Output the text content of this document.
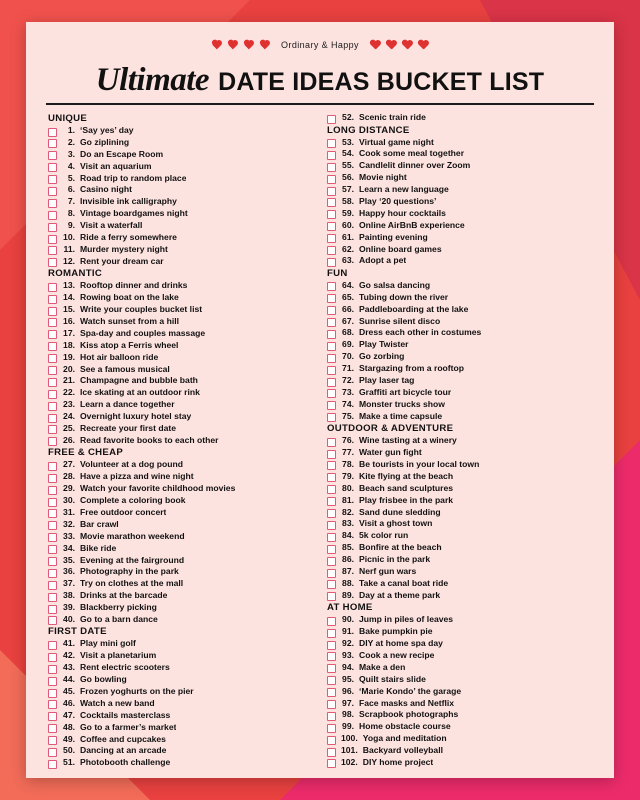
Ordinary & Happy
Ultimate DATE IDEAS BUCKET LIST
UNIQUE
1. ‘Say yes’ day
2. Go ziplining
3. Do an Escape Room
4. Visit an aquarium
5. Road trip to random place
6. Casino night
7. Invisible ink calligraphy
8. Vintage boardgames night
9. Visit a waterfall
10. Ride a ferry somewhere
11. Murder mystery night
12. Rent your dream car
ROMANTIC
13. Rooftop dinner and drinks
14. Rowing boat on the lake
15. Write your couples bucket list
16. Watch sunset from a hill
17. Spa-day and couples massage
18. Kiss atop a Ferris wheel
19. Hot air balloon ride
20. See a famous musical
21. Champagne and bubble bath
22. Ice skating at an outdoor rink
23. Learn a dance together
24. Overnight luxury hotel stay
25. Recreate your first date
26. Read favorite books to each other
FREE & CHEAP
27. Volunteer at a dog pound
28. Have a pizza and wine night
29. Watch your favorite childhood movies
30. Complete a coloring book
31. Free outdoor concert
32. Bar crawl
33. Movie marathon weekend
34. Bike ride
35. Evening at the fairground
36. Photography in the park
37. Try on clothes at the mall
38. Drinks at the barcade
39. Blackberry picking
40. Go to a barn dance
FIRST DATE
41. Play mini golf
42. Visit a planetarium
43. Rent electric scooters
44. Go bowling
45. Frozen yoghurts on the pier
46. Watch a new band
47. Cocktails masterclass
48. Go to a farmer’s market
49. Coffee and cupcakes
50. Dancing at an arcade
51. Photobooth challenge
52. Scenic train ride
LONG DISTANCE
53. Virtual game night
54. Cook some meal together
55. Candlelit dinner over Zoom
56. Movie night
57. Learn a new language
58. Play ‘20 questions’
59. Happy hour cocktails
60. Online AirBnB experience
61. Painting evening
62. Online board games
63. Adopt a pet
FUN
64. Go salsa dancing
65. Tubing down the river
66. Paddleboarding at the lake
67. Sunrise silent disco
68. Dress each other in costumes
69. Play Twister
70. Go zorbing
71. Stargazing from a rooftop
72. Play laser tag
73. Graffiti art bicycle tour
74. Monster trucks show
75. Make a time capsule
OUTDOOR & ADVENTURE
76. Wine tasting at a winery
77. Water gun fight
78. Be tourists in your local town
79. Kite flying at the beach
80. Beach sand sculptures
81. Play frisbee in the park
82. Sand dune sledding
83. Visit a ghost town
84. 5k color run
85. Bonfire at the beach
86. Picnic in the park
87. Nerf gun wars
88. Take a canal boat ride
89. Day at a theme park
AT HOME
90. Jump in piles of leaves
91. Bake pumpkin pie
92. DIY at home spa day
93. Cook a new recipe
94. Make a den
95. Quilt stairs slide
96. ‘Marie Kondo’ the garage
97. Face masks and Netflix
98. Scrapbook photographs
99. Home obstacle course
100. Yoga and meditation
101. Backyard volleyball
102. DIY home project
